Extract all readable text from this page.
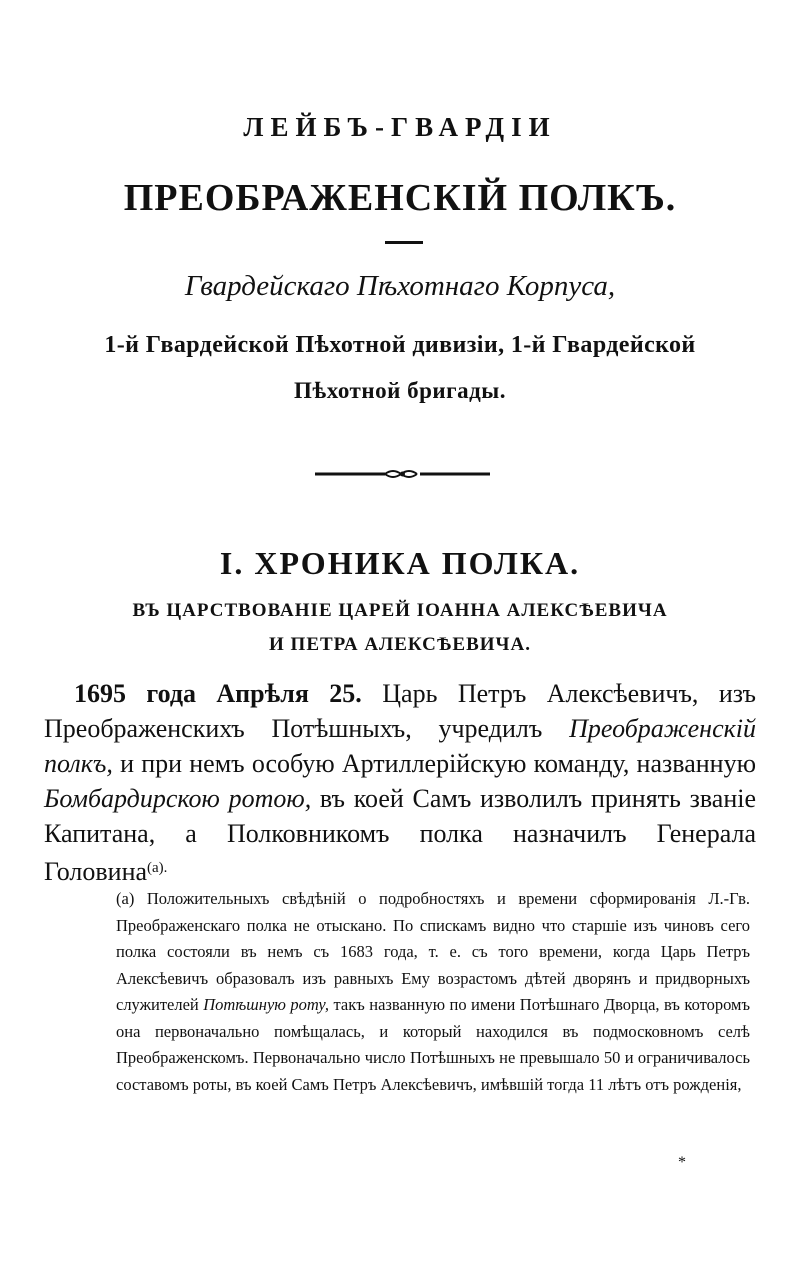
ЛЕЙБЪ-ГВАРДІИ
ПРЕОБРАЖЕНСКІЙ ПОЛКЪ.
Гвардейскаго Пѣхотнаго Корпуса,
1-й Гвардейской Пѣхотной дивизіи, 1-й Гвардейской
Пѣхотной бригады.
I. ХРОНИКА ПОЛКА.
ВЪ ЦАРСТВОВАНІЕ ЦАРЕЙ ІОАННА АЛЕКСѢЕВИЧА
И ПЕТРА АЛЕКСѢЕВИЧА.
1695 года Апрѣля 25. Царь Петръ Алексѣевичъ, изъ Преображенскихъ Потѣшныхъ, учредилъ Преображенскій полкъ, и при немъ особую Артиллерійскую команду, названную Бомбардирскою ротою, въ коей Самъ изволилъ принять званіе Капитана, а Полковникомъ полка назначилъ Генерала Головина$^{(а).}$
(а) Положительныхъ свѣдѣній о подробностяхъ и времени сформированія Л.-Гв. Преображенскаго полка не отыскано. По спискамъ видно что старшіе изъ чиновъ сего полка состояли въ немъ съ 1683 года, т. е. съ того времени, когда Царь Петръ Алексѣевичъ образовалъ изъ равныхъ Ему возрастомъ дѣтей дворянъ и придворныхъ служителей Потѣшную роту, такъ названную по имени Потѣшнаго Дворца, въ которомъ она первоначально помѣщалась, и который находился въ подмосковномъ селѣ Преображенскомъ. Первоначально число Потѣшныхъ не превышало 50 и ограничивалось составомъ роты, въ коей Самъ Петръ Алексѣевичъ, имѣвшій тогда 11 лѣтъ отъ рожденія,
*
